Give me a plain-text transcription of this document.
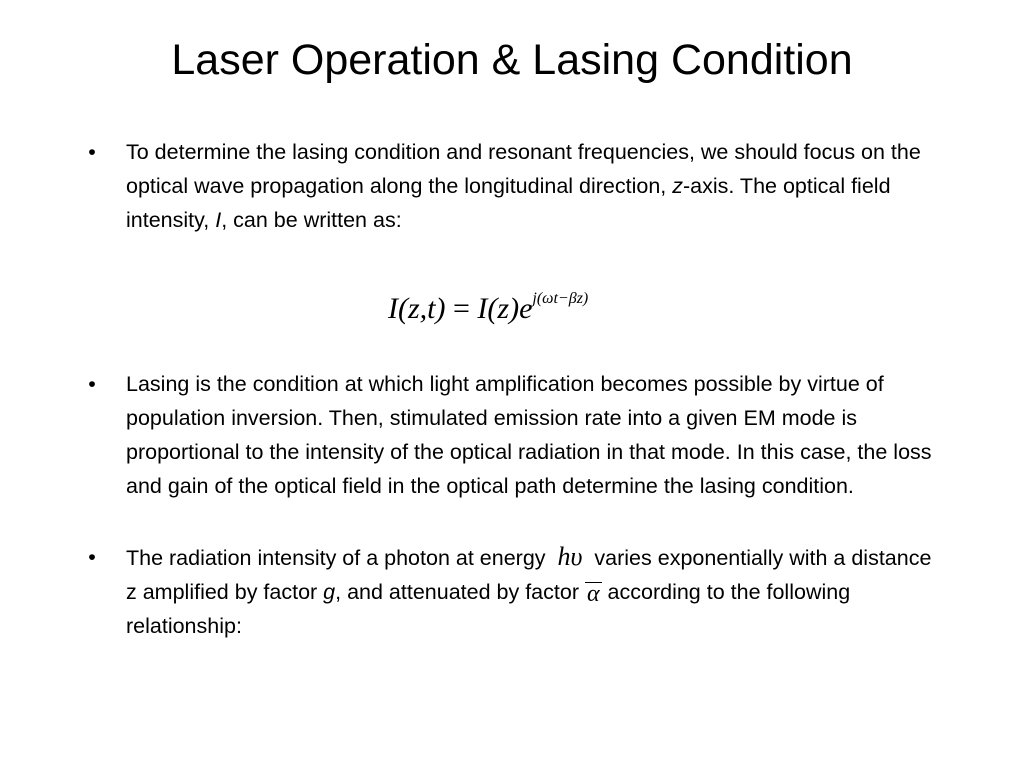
Laser Operation & Lasing Condition
• To determine the lasing condition and resonant frequencies, we should focus on the optical wave propagation along the longitudinal direction, z-axis. The optical field intensity, I, can be written as:
$I(z,t) = I(z)e^{j(\omega t-\beta z)}$
• Lasing is the condition at which light amplification becomes possible by virtue of population inversion. Then, stimulated emission rate into a given EM mode is proportional to the intensity of the optical radiation in that mode. In this case, the loss and gain of the optical field in the optical path determine the lasing condition.
• The radiation intensity of a photon at energy hυ varies exponentially with a distance z amplified by factor g, and attenuated by factor α according to the following relationship:
